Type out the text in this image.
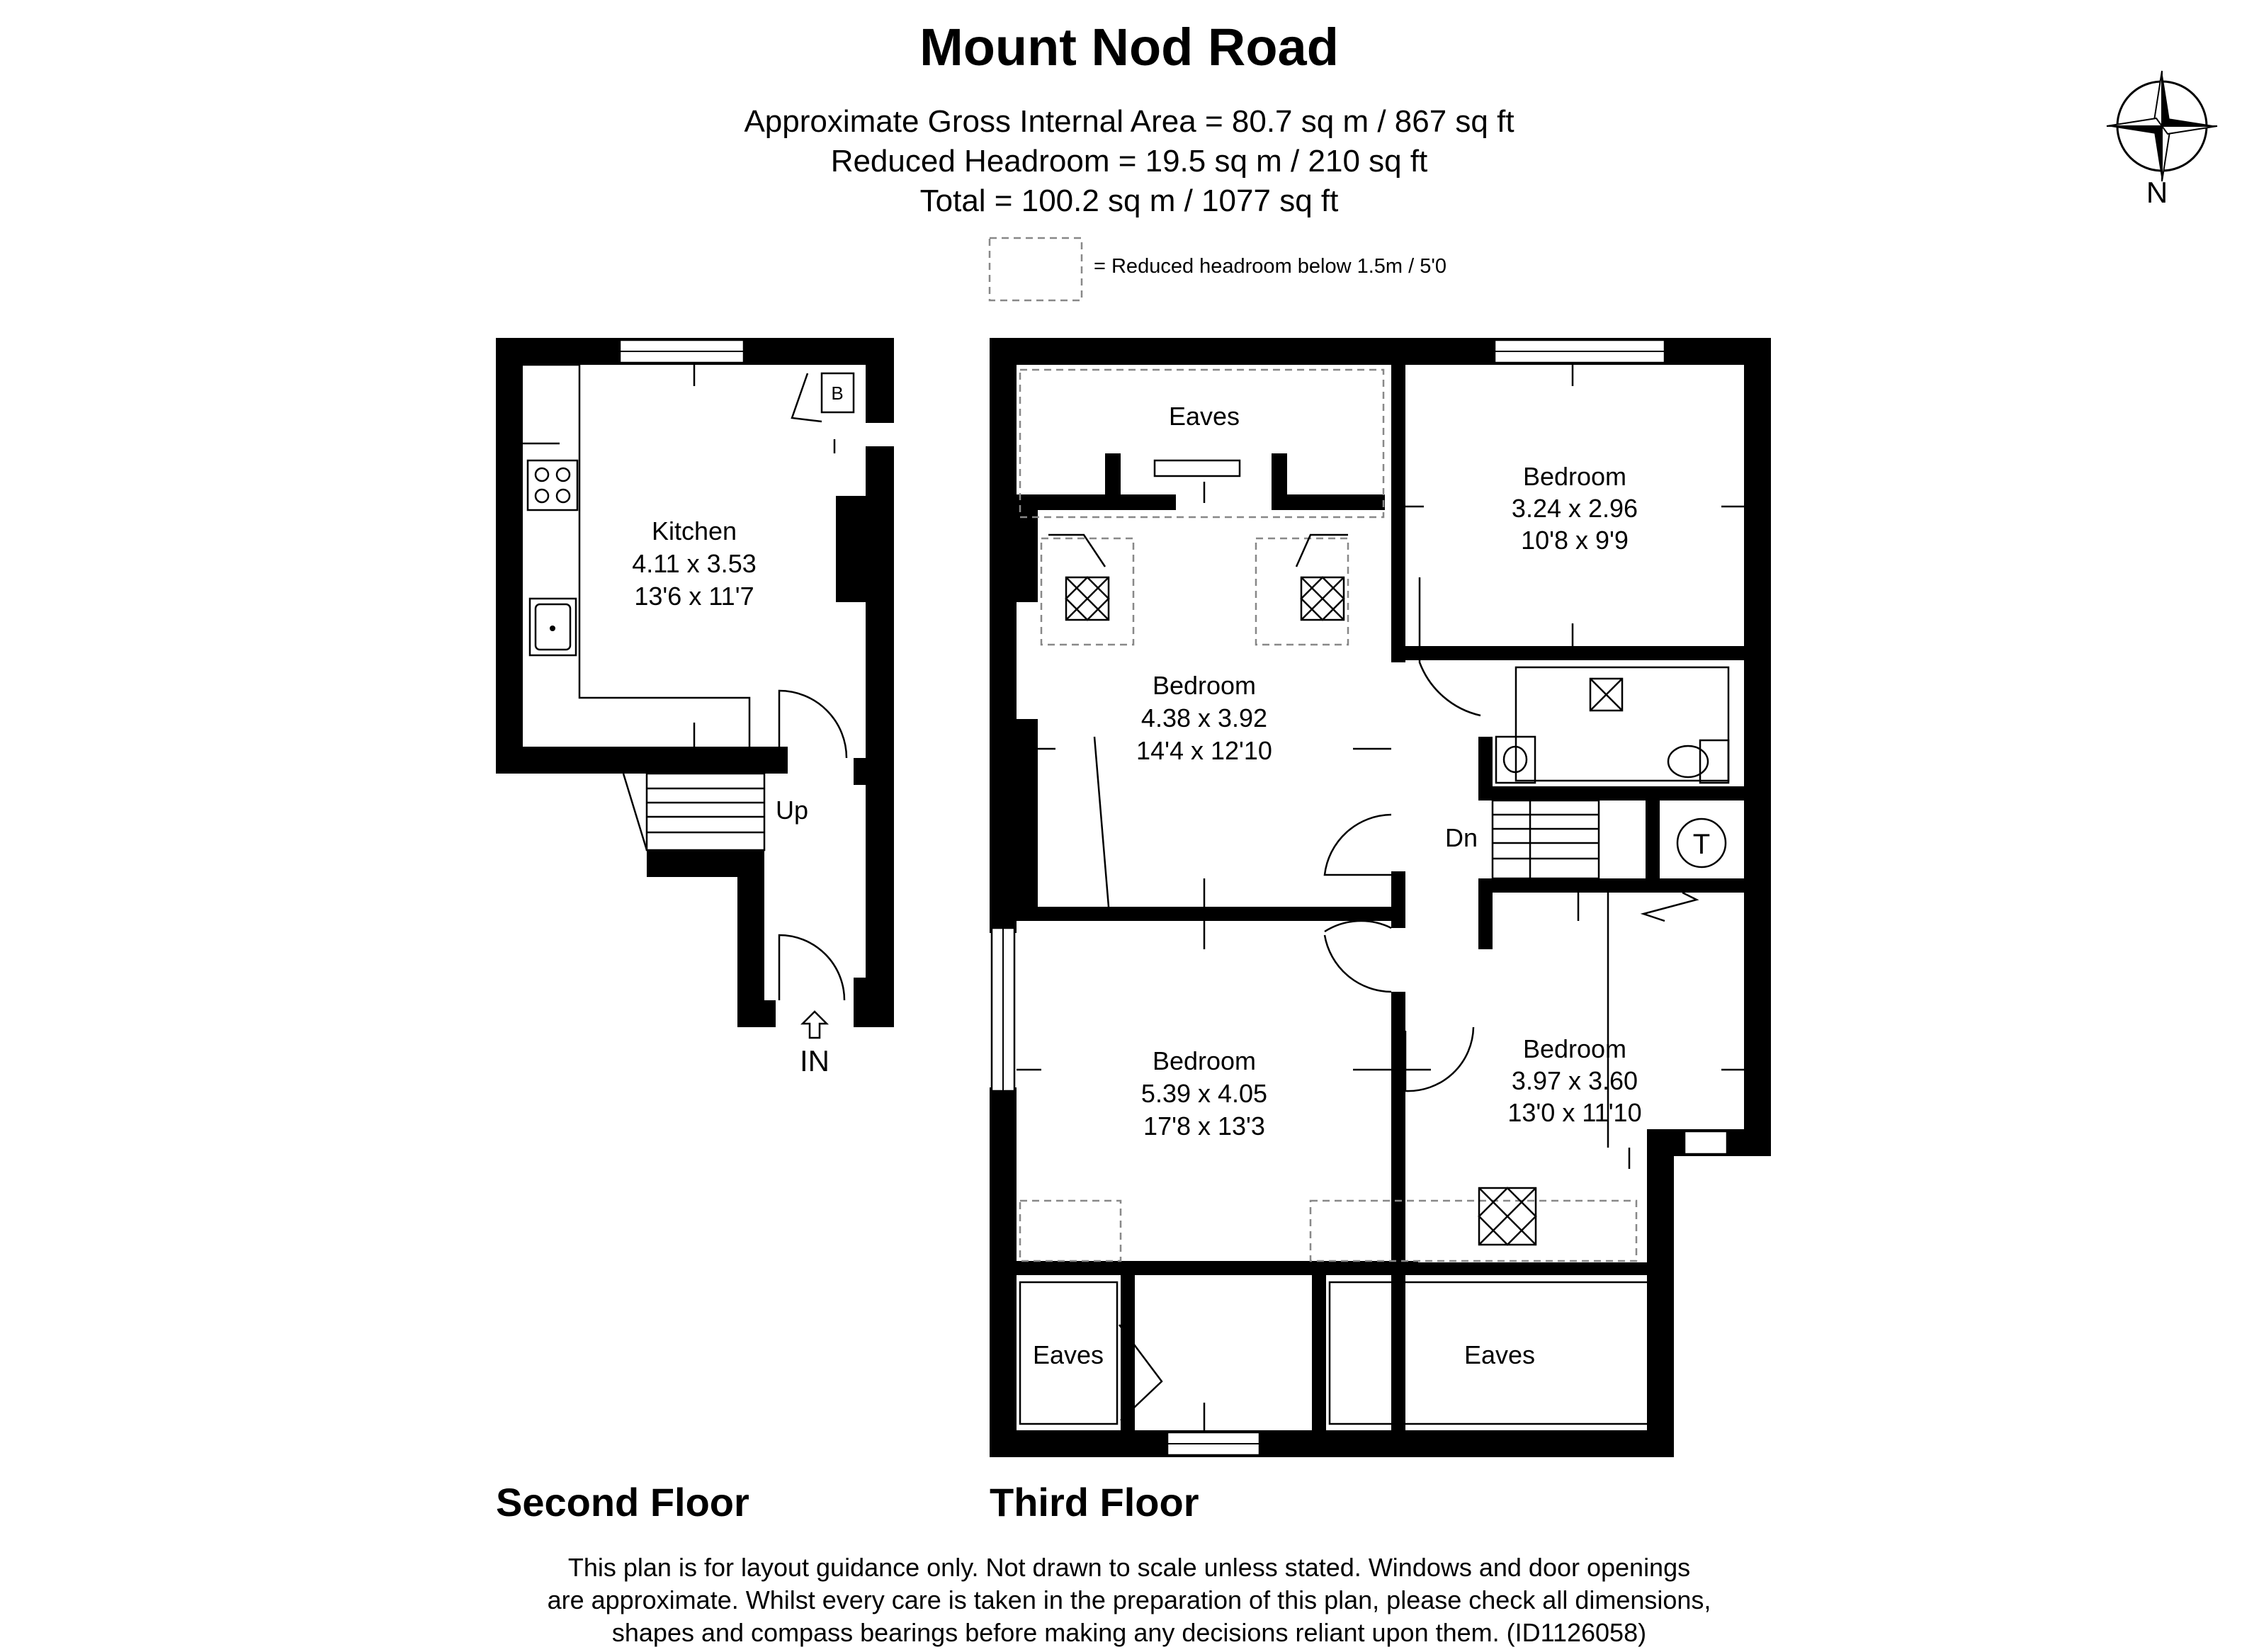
Mount Nod Road
Approximate Gross Internal Area = 80.7 sq m / 867 sq ft
Reduced Headroom = 19.5 sq m / 210 sq ft
Total = 100.2 sq m / 1077 sq ft
= Reduced headroom below 1.5m / 5'0
N
B
Kitchen
4.11 x 3.53
13'6 x 11'7
Up
IN
Second Floor
Eaves
Bedroom
3.24 x 2.96
10'8 x 9'9
Bedroom
4.38 x 3.92
14'4 x 12'10
Bedroom
5.39 x 4.05
17'8 x 13'3
Bedroom
3.97 x 3.60
13'0 x 11'10
Dn	T
Eaves	Eaves
Third Floor
This plan is for layout guidance only. Not drawn to scale unless stated. Windows and door openings
are approximate. Whilst every care is taken in the preparation of this plan, please check all dimensions,
shapes and compass bearings before making any decisions reliant upon them. (ID1126058)
